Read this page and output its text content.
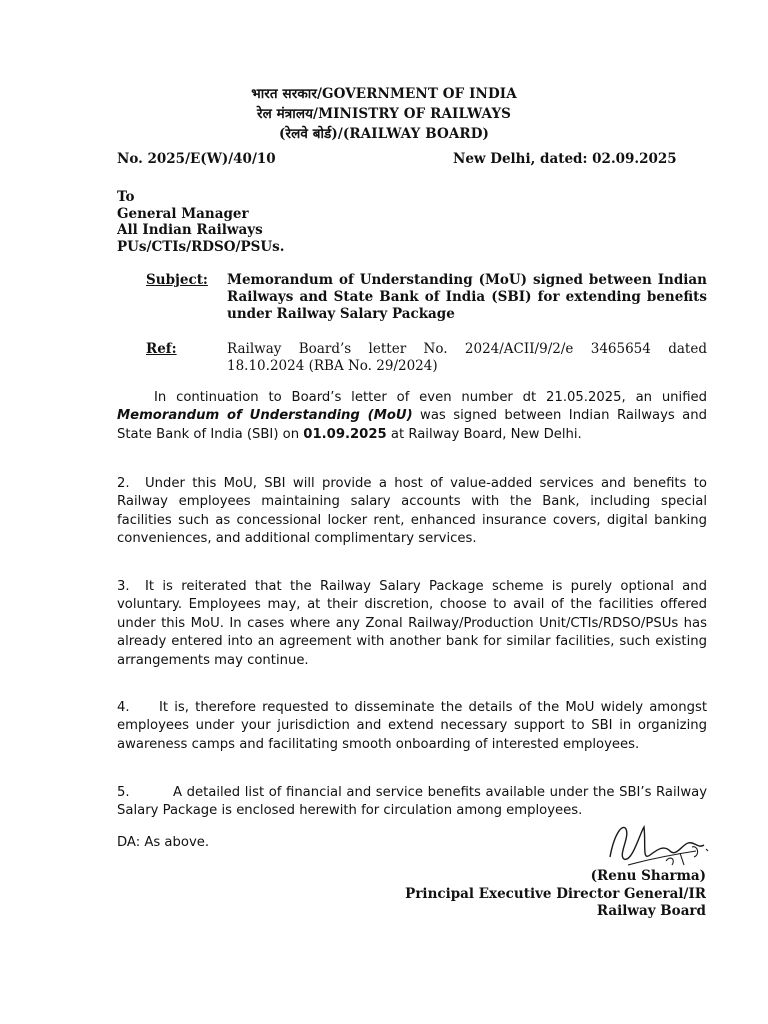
भारत सरकार/GOVERNMENT OF INDIA
रेल मंत्रालय/MINISTRY OF RAILWAYS
(रेलवे बोर्ड)/(RAILWAY BOARD)
No. 2025/E(W)/40/10	New Delhi, dated: 02.09.2025
To
General Manager
All Indian Railways
PUs/CTIs/RDSO/PSUs.
Subject: Memorandum of Understanding (MoU) signed between Indian Railways and State Bank of India (SBI) for extending benefits under Railway Salary Package
Ref:	Railway Board’s letter No. 2024/ACII/9/2/e 3465654 dated 18.10.2024 (RBA No. 29/2024)
In continuation to Board’s letter of even number dt 21.05.2025, an unified Memorandum of Understanding (MoU) was signed between Indian Railways and State Bank of India (SBI) on 01.09.2025 at Railway Board, New Delhi.
2. Under this MoU, SBI will provide a host of value-added services and benefits to Railway employees maintaining salary accounts with the Bank, including special facilities such as concessional locker rent, enhanced insurance covers, digital banking conveniences, and additional complimentary services.
3. It is reiterated that the Railway Salary Package scheme is purely optional and voluntary. Employees may, at their discretion, choose to avail of the facilities offered under this MoU. In cases where any Zonal Railway/Production Unit/CTIs/RDSO/PSUs has already entered into an agreement with another bank for similar facilities, such existing arrangements may continue.
4. It is, therefore requested to disseminate the details of the MoU widely amongst employees under your jurisdiction and extend necessary support to SBI in organizing awareness camps and facilitating smooth onboarding of interested employees.
5.	A detailed list of financial and service benefits available under the SBI’s Railway Salary Package is enclosed herewith for circulation among employees.
DA: As above.
(Renu Sharma)
Principal Executive Director General/IR
Railway Board
